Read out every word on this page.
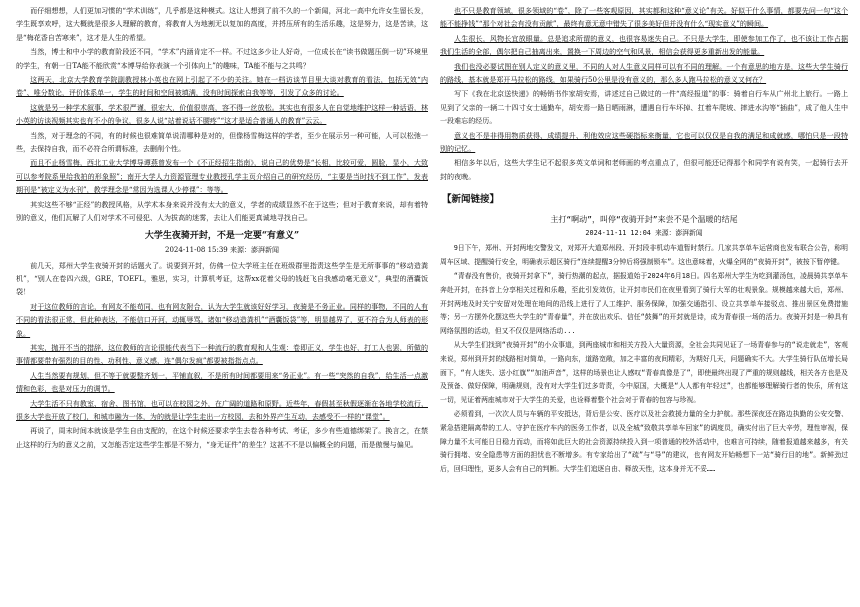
而仔细想想，人们更加习惯的“学术训练”，几乎都是这种模式。这让人想到了前不久的一个新闻，河北一高中允许女生留长发，学生既享欢呼，这大概就是很多人理解的教育，将教育人为地割无以复加的高度，并捋压所有的生活乐趣，这是努力，这是苦读，这是“梅花香自苦寒来”，这才是人生的希望。

当然，博士和中小学的教育阶段还不同，“学术”内涵肯定不一样。不过这多少让人好奇，一位成长在“读书做题压倒一切”环境里的学生，有朝一日TA能不能欣赏“本博导给你表演一个引体向上”的趣味，TA能不能与之共鸣？

这两天，北京大学教育学院副教授林小英也在网上引起了不少的关注。她在一档访谈节目里大谈对教育的看法，包括无效“内卷”、唯分数论，评价体系单一，学生的时间和空间被填满，没有时间探索自我等等，引发了众多的讨论。

这就是另一种学术叙事，学术很严谨，很宏大，价值很崇高，容不得一丝放松。其实也有很多人在自觉地维护这样一种话语，林小英的访谈视频其实也有不小的争议，很多人说“站着说话不腰疼”“这才是适合普通人的教育”云云。

当然，对于理念的不同，有的时候也很难简单说清哪种是对的，但像杨雪梅这样的学者，至少在展示另一种可能，人可以松弛一些，去保持自我，而不必符合所谓标准，去删削个性。

而且不止杨雪梅，西北工业大学博导谭燕曾发布一个《不正经招生指南》，说自己的优势是“长相，比较可爱，圆脸，显小，大致可以参考院系里给我拍的形象照”；南开大学人力资源管理专业教授孔学主页介绍自己的研究经历，“主要是当时找不到工作”，发表期刊是“被定义为水刊”，教学理念是“常因为选课人少停课”：等等。

其实这些不够“正经”的教授风格，从学术本身来说并没有太大的意义，学者的成绩显然不在于这些；但对于教育来说，却有着特别的意义，他们瓦解了人们对学术不可侵犯、人为拔高的迷雾，去让人们能更真诚地寻找自己。

大学生夜骑开封，不是一定要“有意义”
2024-11-08 15:39 来源：澎湃新闻

前几天，郑州大学生夜骑开封的话题火了。说要到开封，仿佛一位大学班主任在班级群里指责这些学生是无所事事的“移动造粪机”，“别人在卷四六级，GRE，TOEFL，雅思，实习，计算机考证，这帮xx花着父母的钱赶飞自我感动毫无意义”，典型的酒囊饭袋！

对于这位教师的言论，有网友不能苟同，也有网友附合，认为大学生就该好好学习，夜骑是不务正业。同样的事物，不同的人有不同的看法很正常，但此种表达，不能信口开河，动辄辱骂。诸如“移动造粪机”“酒囊饭袋”等，明显越界了，更不符合为人师表的形象。

其实，抛开不当的措辞，这位教师的言论很能代表当下一种流行的教育观和人生观：卷即正义，学生也好，打工人也罢，所做的事情都要带有强烈的目的性、功利性、意义感，连“偶尔发疯”都要被指指点点。

人生当然要有规划，但不等于就要整齐划一，平铺直叙，不是所有时间都要用来“务正业”。有一些“突然的自我”，给生活一点激情和色彩，也是对压力的调节。

大学生活不只有教室、宿舍、图书馆，也可以在校园之外，在广阔的道路和原野。近些年，春假甚至秋假逐渐在各地学校流行，很多大学也开放了校门，和城市融为一体，为的就是让学生走出一方校园，去和外界产生互动，去感受不一样的“课堂”。

再说了，周末时间本就该是学生自由支配的，在这个时候还要求学生去卷各种考试、考证，多少有些道德绑架了。换言之，在禁止这样的行为的意义之前，又怎能否定这些学生都是不努力，“身无证件”的差生？这甚不不是以偏概全的问题，而是傲慢与偏见。

也不只是教育领域，很多领域的“卷”，除了一些客观原因，其实都和这种“意义论”有关。好似干什么事情，都要先问一句“这个能不能挣钱”“那个对社会有没有贡献”，最终有意无意中错失了很多美好但并没有什么“现实意义”的瞬间。

人生很长，风物长宜放眼量。总是追求所谓的意义，也很容易迷失自己。不只是大学生，即使参加工作了，也不该让工作占据我们生活的全部，偶尔把自己抽离出来，置换一下周边的空气和风景，相信会获得更多重新出发的能量。

我们也没必要试图在别人定义的意义里，不同的人对人生意义同样可以有不同的理解。一个有意思的地方是，这些大学生骑行的路线，基本就是郑开马拉松的路线，如果骑行50公里是没有意义的，那么多人跑马拉松的意义又何在？

写下《我在北京送快递》的畅销书作家胡安焉，讲述过自己做过的一件“高经报道”的事：骑着自行车从广州北上旅行。一路上见到了父亲的一辆二十四寸女士通勤车，胡安焉一路日晒雨淋，遭遇自行车坏掉、扛着车爬坡、摔进水沟等“插曲”，成了他人生中一段难忘的经历。

意义也不是非得用物质获得、成绩提升、利他效应这些硬指标来衡量，它也可以仅仅是自我的满足和成就感，哪怕只是一段特别的记忆。

相信多年以后，这些大学生记不起很多英文单词和老师画的考点重点了，但很可能还记得那个和同学有说有笑，一起骑行去开封的夜晚。

【新闻链接】
主打“啊动”，叫停“夜骑开封”来尝不是个温暖的结尾
2024-11-11 12:04 来源：澎湃新闻

9日下午，郑州、开封两地交警发文，对郑开大道郑州段、开封段非机动车道暂时禁行。几家共享单车运营商也发布联合公告，称明周车区域、提醒骑行安全，明确表示超区骑行“连续提醒3分钟后将强制锁车”。这也意味着，火爆全网的“夜骑开封”，被按下暂停键。

“青春没有售价，夜骑开封拿下”，骑行热潮的起点，据报道始于2024年6月18日。四名郑州大学生为吃到灌汤包，凌晨骑共享单车奔赴开封，在抖音上分享相关过程和乐趣，至此引发效仿，让开封市民们在夜里看到了骑行大军的壮观景象。规模越来越大后，郑州、开封两地及时关宁安留对处理在地间的沿线上进行了人工维护、服务保障，加强交通指引、设立共享单车接驳点、推出景区免费措施等；另一方摆外化摆这些大学生的“青春量”，并在放出欢乐、信任“鼓舞”的开封就是诗，成为青春很一场的活力。夜骑开封是一种具有网络氛围的活动，但又不仅仅是网络活动...

从大学生们找到“夜骑开封”的小众事道，到两座城市和相关方投入大量资源，全社会共同见证了一场青春参与的“说走就走”，客观来说，郑州到开封的线路相对简单，一路向东，道路宽敞，加之丰富的夜间精彩，为期好几天，问题确实不大。大学生骑行队伍增长局面下，“有人迷失、送小红旗”“加油声音”，这样的场景也让人感叹“青春真像是了”，即使最终出现了严重的规则越线，相关各方也是及及预备、做好保障，明确规则，没有对大学生们过多苛责，今中原国，大概是“人人都有年轻过”，也都能够理解骑行者的快乐，所有这一切，见证着两座城市对于大学生的关爱，也诠释着整个社会对于青春的包容与珍视。

必须看到，一次次人员与车辆的平安抵达，背后是公安、医疗以及社会救援力量的全力护航。那些深夜还在路边执勤的公安交警、紧急搭建隔离带的工人、守护在医疗车内的医务工作者，以及全城“致敬共享单车回家”的调度员，确实付出了巨大辛劳，理性审视，保障力量不太可能日日稳力而动，而将如此巨大的社会资源持续投入到一项普通的校外活动中，也难言可持续，随着报道越来越多，有关骑行拥堵、安全隐患等方面的担忧也不断增多。有专家给出了“疏”与“导”的建议，也有网友开始畅想下一站“骑行目的地”。新鲜劲过后，回归理性，更多人会有自己的判断。大学生们追逐自由、释放天性，这本身并无不妥……
